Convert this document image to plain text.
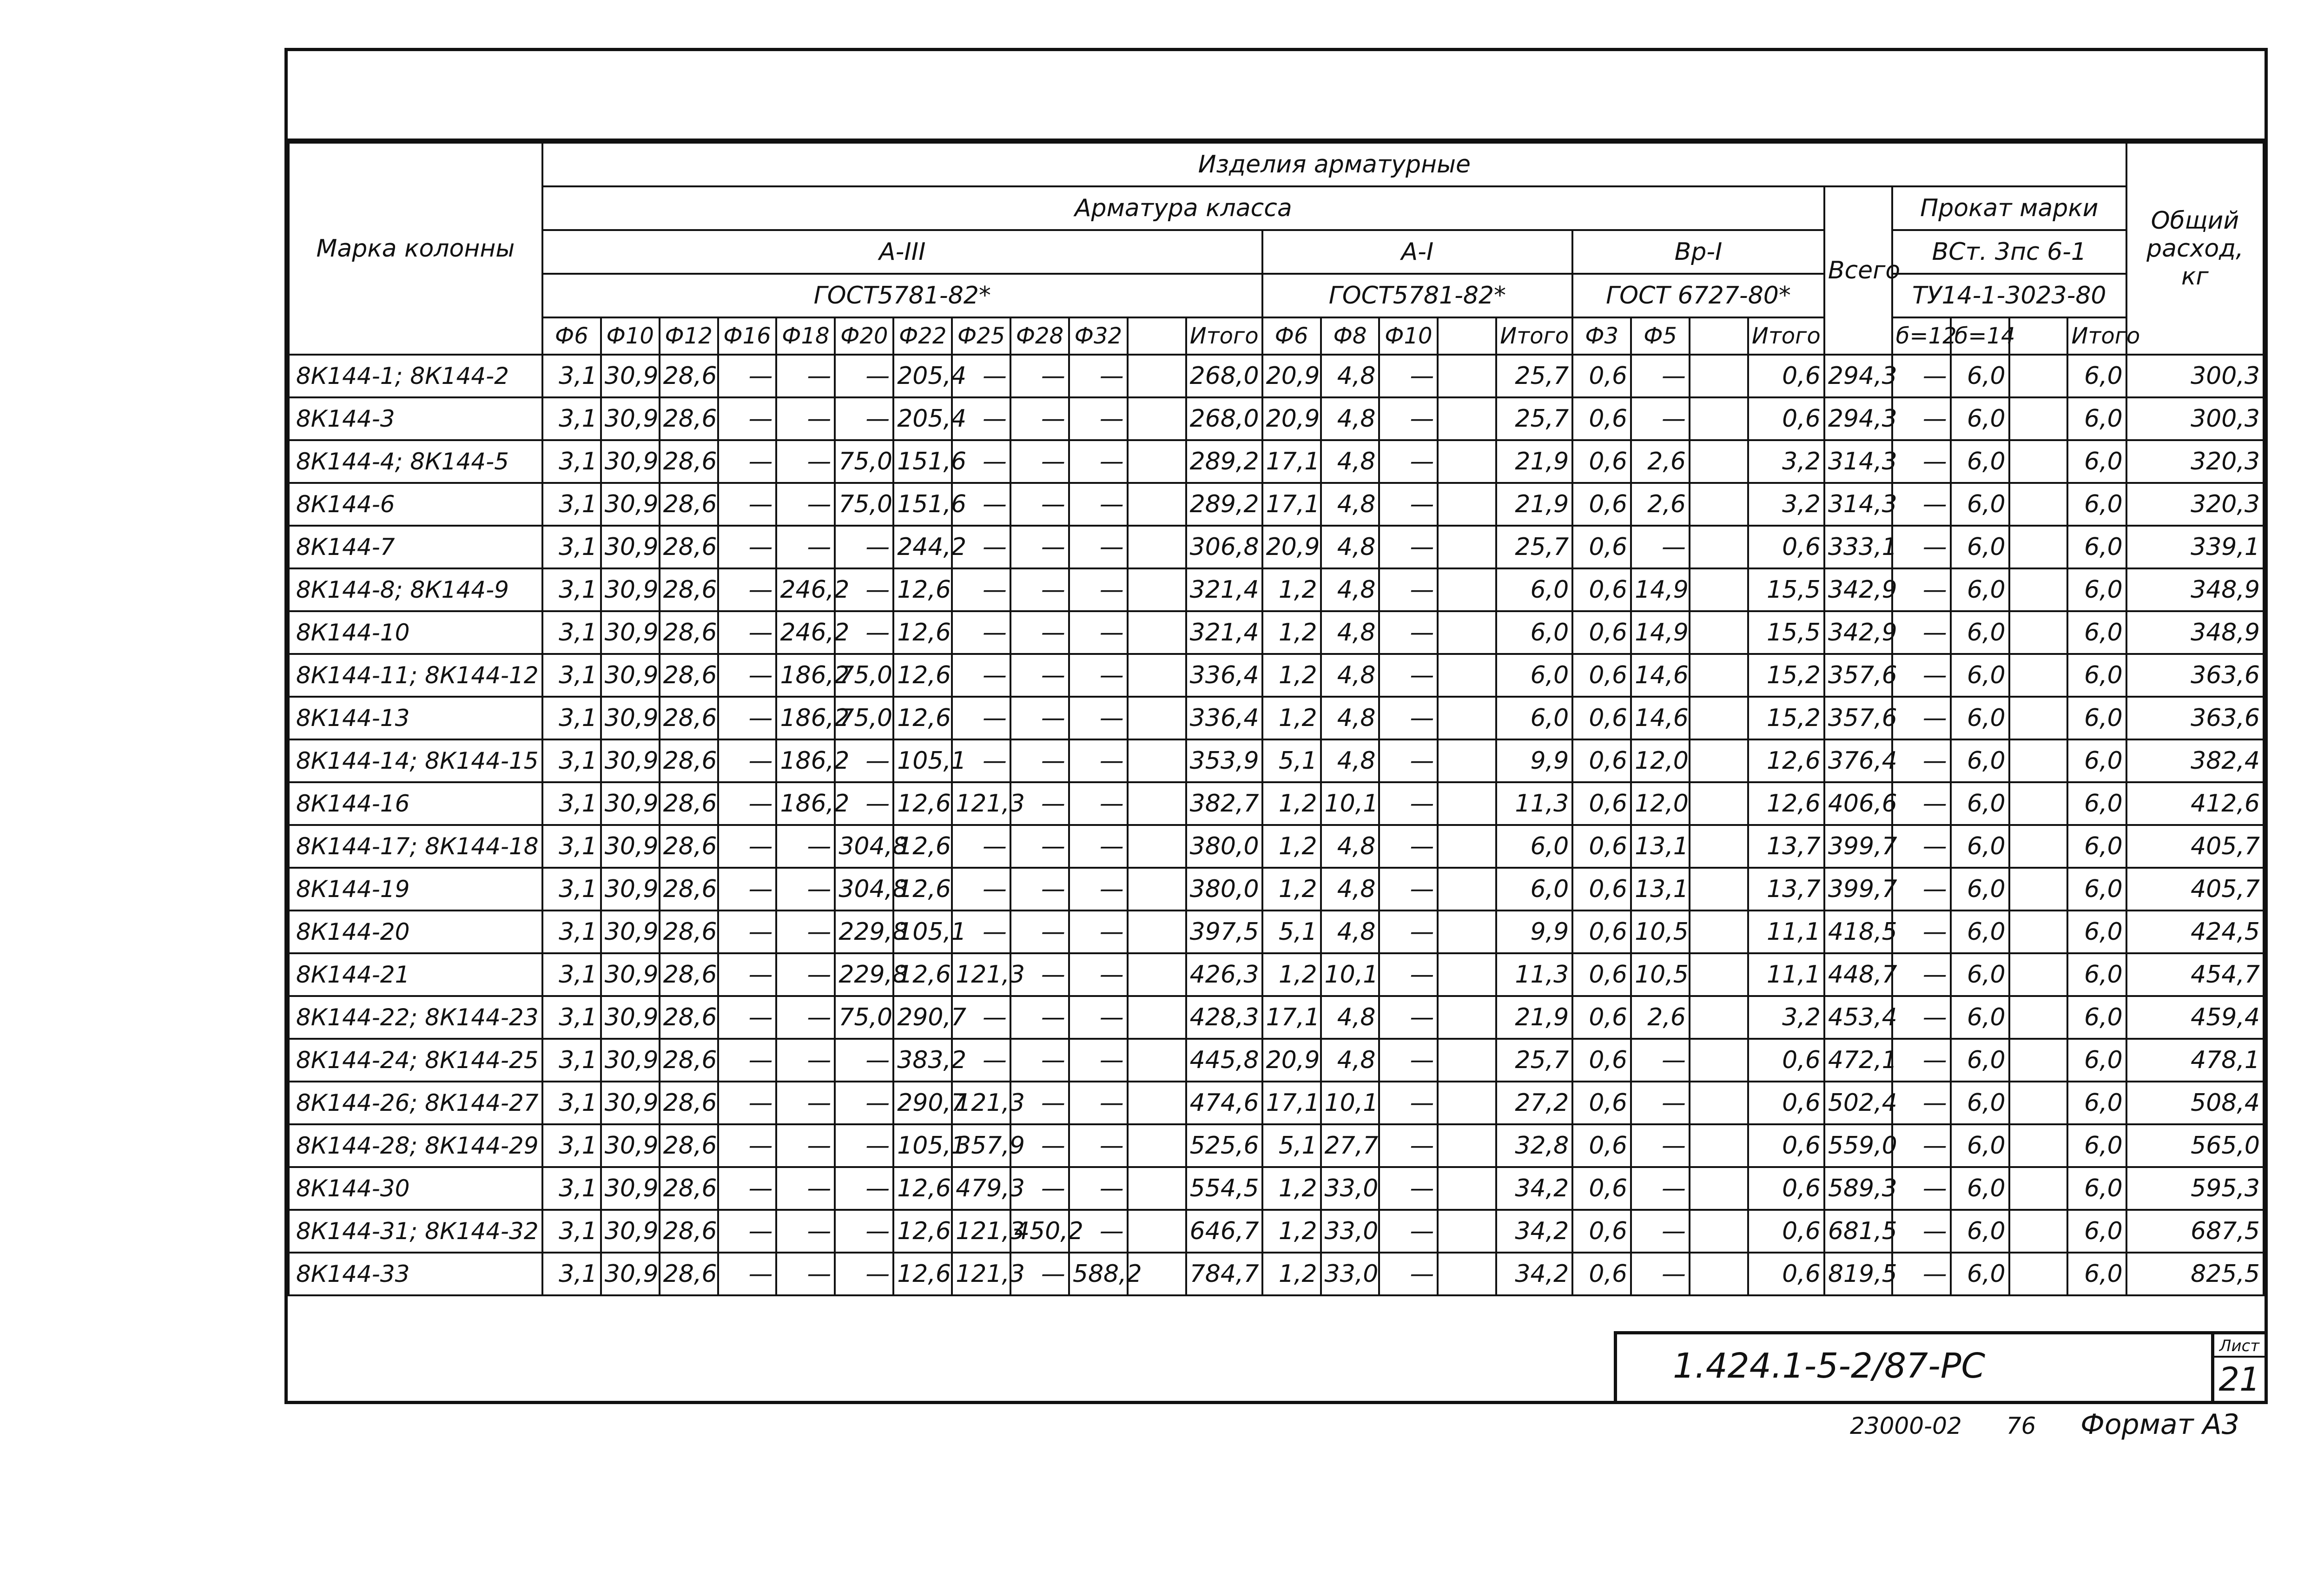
Марка колонны	Изделия арматурные																										Общий расход, кг
	Арматура класса																					Всего	Прокат марки				
	А-III												А-I					Вр-I					ВСт. 3пс 6-1				
	ГОСТ5781-82*												ГОСТ5781-82*					ГОСТ 6727-80*					ТУ14-1-3023-80				
	Ф6	Ф10	Ф12	Ф16	Ф18	Ф20	Ф22	Ф25	Ф28	Ф32		Итого	Ф6	Ф8	Ф10		Итого	Ф3	Ф5		Итого		б=12	б=14		Итого	
8К144-1; 8К144-2	3,1	30,9	28,6	—	—	—	205,4	—	—	—		268,0	20,9	4,8	—		25,7	0,6	—		0,6	294,3	—	6,0		6,0	300,3
8К144-3	3,1	30,9	28,6	—	—	—	205,4	—	—	—		268,0	20,9	4,8	—		25,7	0,6	—		0,6	294,3	—	6,0		6,0	300,3
8К144-4; 8К144-5	3,1	30,9	28,6	—	—	75,0	151,6	—	—	—		289,2	17,1	4,8	—		21,9	0,6	2,6		3,2	314,3	—	6,0		6,0	320,3
8К144-6	3,1	30,9	28,6	—	—	75,0	151,6	—	—	—		289,2	17,1	4,8	—		21,9	0,6	2,6		3,2	314,3	—	6,0		6,0	320,3
8К144-7	3,1	30,9	28,6	—	—	—	244,2	—	—	—		306,8	20,9	4,8	—		25,7	0,6	—		0,6	333,1	—	6,0		6,0	339,1
8К144-8; 8К144-9	3,1	30,9	28,6	—	246,2	—	12,6	—	—	—		321,4	1,2	4,8	—		6,0	0,6	14,9		15,5	342,9	—	6,0		6,0	348,9
8К144-10	3,1	30,9	28,6	—	246,2	—	12,6	—	—	—		321,4	1,2	4,8	—		6,0	0,6	14,9		15,5	342,9	—	6,0		6,0	348,9
8К144-11; 8К144-12	3,1	30,9	28,6	—	186,2	75,0	12,6	—	—	—		336,4	1,2	4,8	—		6,0	0,6	14,6		15,2	357,6	—	6,0		6,0	363,6
8К144-13	3,1	30,9	28,6	—	186,2	75,0	12,6	—	—	—		336,4	1,2	4,8	—		6,0	0,6	14,6		15,2	357,6	—	6,0		6,0	363,6
8К144-14; 8К144-15	3,1	30,9	28,6	—	186,2	—	105,1	—	—	—		353,9	5,1	4,8	—		9,9	0,6	12,0		12,6	376,4	—	6,0		6,0	382,4
8К144-16	3,1	30,9	28,6	—	186,2	—	12,6	121,3	—	—		382,7	1,2	10,1	—		11,3	0,6	12,0		12,6	406,6	—	6,0		6,0	412,6
8К144-17; 8К144-18	3,1	30,9	28,6	—	—	304,8	12,6	—	—	—		380,0	1,2	4,8	—		6,0	0,6	13,1		13,7	399,7	—	6,0		6,0	405,7
8К144-19	3,1	30,9	28,6	—	—	304,8	12,6	—	—	—		380,0	1,2	4,8	—		6,0	0,6	13,1		13,7	399,7	—	6,0		6,0	405,7
8К144-20	3,1	30,9	28,6	—	—	229,8	105,1	—	—	—		397,5	5,1	4,8	—		9,9	0,6	10,5		11,1	418,5	—	6,0		6,0	424,5
8К144-21	3,1	30,9	28,6	—	—	229,8	12,6	121,3	—	—		426,3	1,2	10,1	—		11,3	0,6	10,5		11,1	448,7	—	6,0		6,0	454,7
8К144-22; 8К144-23	3,1	30,9	28,6	—	—	75,0	290,7	—	—	—		428,3	17,1	4,8	—		21,9	0,6	2,6		3,2	453,4	—	6,0		6,0	459,4
8К144-24; 8К144-25	3,1	30,9	28,6	—	—	—	383,2	—	—	—		445,8	20,9	4,8	—		25,7	0,6	—		0,6	472,1	—	6,0		6,0	478,1
8К144-26; 8К144-27	3,1	30,9	28,6	—	—	—	290,7	121,3	—	—		474,6	17,1	10,1	—		27,2	0,6	—		0,6	502,4	—	6,0		6,0	508,4
8К144-28; 8К144-29	3,1	30,9	28,6	—	—	—	105,1	357,9	—	—		525,6	5,1	27,7	—		32,8	0,6	—		0,6	559,0	—	6,0		6,0	565,0
8К144-30	3,1	30,9	28,6	—	—	—	12,6	479,3	—	—		554,5	1,2	33,0	—		34,2	0,6	—		0,6	589,3	—	6,0		6,0	595,3
8К144-31; 8К144-32	3,1	30,9	28,6	—	—	—	12,6	121,3	450,2	—		646,7	1,2	33,0	—		34,2	0,6	—		0,6	681,5	—	6,0		6,0	687,5
8К144-33	3,1	30,9	28,6	—	—	—	12,6	121,3	—	588,2		784,7	1,2	33,0	—		34,2	0,6	—		0,6	819,5	—	6,0		6,0	825,5
1.424.1-5-2/87-РС	Лист
21
23000-02 76 Формат А3
